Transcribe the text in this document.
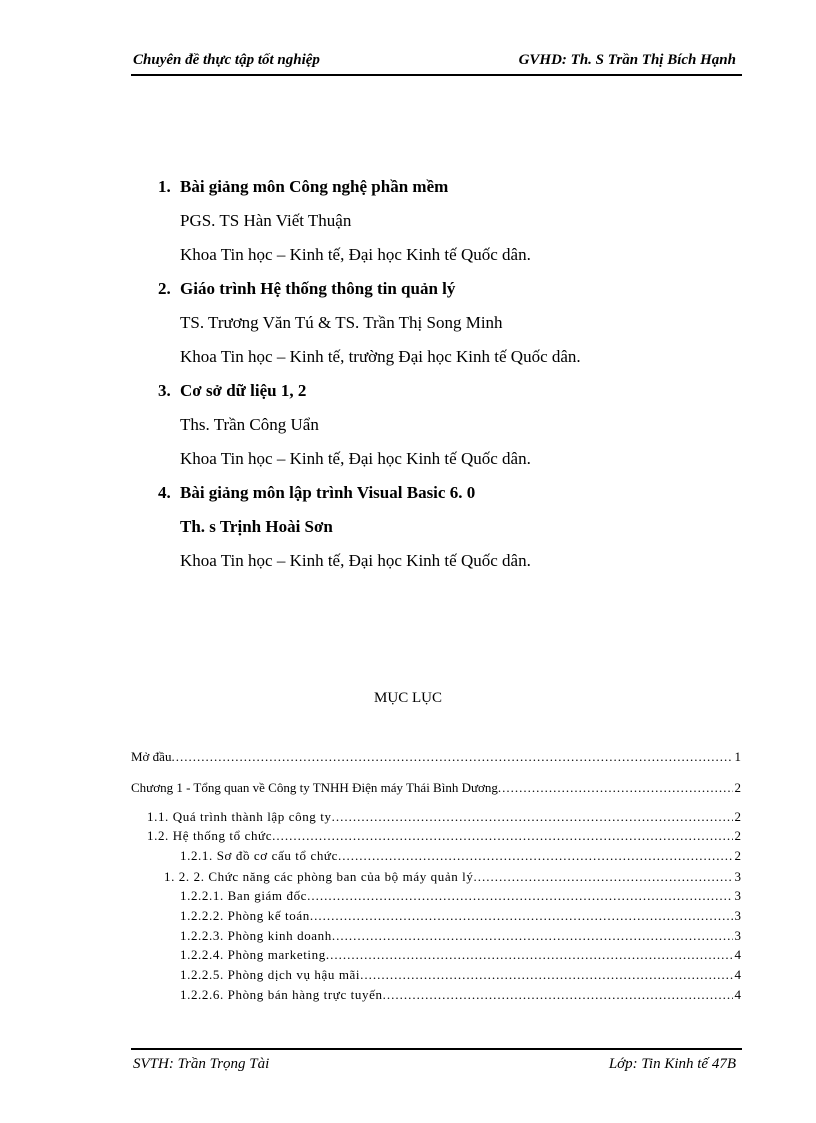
Chuyên đề thực tập tốt nghiệp	GVHD: Th. S Trần Thị Bích Hạnh
1. Bài giảng môn Công nghệ phần mềm
PGS. TS Hàn Viết Thuận
Khoa Tin học – Kinh tế, Đại học Kinh tế Quốc dân.
2. Giáo trình Hệ thống thông tin quản lý
TS. Trương Văn Tú & TS. Trần Thị Song Minh
Khoa Tin học – Kinh tế, trường Đại học Kinh tế Quốc dân.
3. Cơ sở dữ liệu 1, 2
Ths. Trần Công Uẩn
Khoa Tin học – Kinh tế, Đại học Kinh tế Quốc dân.
4. Bài giảng môn lập trình Visual Basic 6. 0
Th. s Trịnh Hoài Sơn
Khoa Tin học – Kinh tế, Đại học Kinh tế Quốc dân.
MỤC LỤC
Mở đầu .....	1
Chương 1 - Tổng quan về Công ty TNHH Điện máy Thái Bình Dương .....	2
1.1. Quá trình thành lập công ty .....	2
1.2. Hệ thống tổ chức .....	2
1.2.1. Sơ đồ cơ cấu tổ chức .....	2
1. 2. 2. Chức năng các phòng ban của bộ máy quản lý .....	3
1.2.2.1. Ban giám đốc .....	3
1.2.2.2. Phòng kế toán .....	3
1.2.2.3. Phòng kinh doanh .....	3
1.2.2.4. Phòng marketing .....	4
1.2.2.5. Phòng dịch vụ hậu mãi .....	4
1.2.2.6. Phòng bán hàng trực tuyến .....	4
SVTH: Trần Trọng Tài	Lớp: Tin Kinh tế 47B
